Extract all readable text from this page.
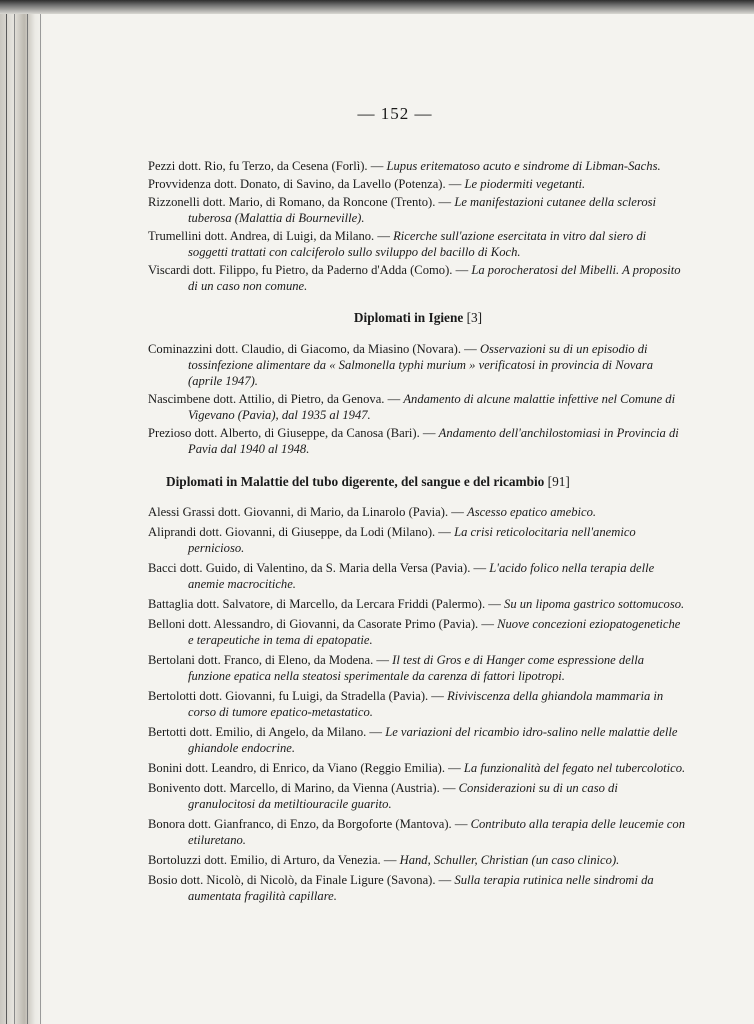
— 152 —

Pezzi dott. Rio, fu Terzo, da Cesena (Forlì). — Lupus eritematoso acuto e sindrome di Libman-Sachs.

Provvidenza dott. Donato, di Savino, da Lavello (Potenza). — Le piodermiti vegetanti.

Rizzonelli dott. Mario, di Romano, da Roncone (Trento). — Le manifestazioni cutanee della sclerosi tuberosa (Malattia di Bourneville).

Trumellini dott. Andrea, di Luigi, da Milano. — Ricerche sull'azione esercitata in vitro dal siero di soggetti trattati con calciferolo sullo sviluppo del bacillo di Koch.

Viscardi dott. Filippo, fu Pietro, da Paderno d'Adda (Como). — La porocheratosi del Mibelli. A proposito di un caso non comune.

Diplomati in Igiene [3]

Cominazzini dott. Claudio, di Giacomo, da Miasino (Novara). — Osservazioni su di un episodio di tossinfezione alimentare da « Salmonella typhi murium » verificatosi in provincia di Novara (aprile 1947).

Nascimbene dott. Attilio, di Pietro, da Genova. — Andamento di alcune malattie infettive nel Comune di Vigevano (Pavia), dal 1935 al 1947.

Prezioso dott. Alberto, di Giuseppe, da Canosa (Bari). — Andamento dell'anchilostomiasi in Provincia di Pavia dal 1940 al 1948.

Diplomati in Malattie del tubo digerente, del sangue e del ricambio [91]

Alessi Grassi dott. Giovanni, di Mario, da Linarolo (Pavia). — Ascesso epatico amebico.

Aliprandi dott. Giovanni, di Giuseppe, da Lodi (Milano). — La crisi reticolocitaria nell'anemico pernicioso.

Bacci dott. Guido, di Valentino, da S. Maria della Versa (Pavia). — L'acido folico nella terapia delle anemie macrocitiche.

Battaglia dott. Salvatore, di Marcello, da Lercara Friddi (Palermo). — Su un lipoma gastrico sottomucoso.

Belloni dott. Alessandro, di Giovanni, da Casorate Primo (Pavia). — Nuove concezioni eziopatogenetiche e terapeutiche in tema di epatopatie.

Bertolani dott. Franco, di Eleno, da Modena. — Il test di Gros e di Hanger come espressione della funzione epatica nella steatosi sperimentale da carenza di fattori lipotropi.

Bertolotti dott. Giovanni, fu Luigi, da Stradella (Pavia). — Riviviscenza della ghiandola mammaria in corso di tumore epatico-metastatico.

Bertotti dott. Emilio, di Angelo, da Milano. — Le variazioni del ricambio idro-salino nelle malattie delle ghiandole endocrine.

Bonini dott. Leandro, di Enrico, da Viano (Reggio Emilia). — La funzionalità del fegato nel tubercolotico.

Bonivento dott. Marcello, di Marino, da Vienna (Austria). — Considerazioni su di un caso di granulocitosi da metiltiouracile guarito.

Bonora dott. Gianfranco, di Enzo, da Borgoforte (Mantova). — Contributo alla terapia delle leucemie con etiluretano.

Bortoluzzi dott. Emilio, di Arturo, da Venezia. — Hand, Schuller, Christian (un caso clinico).

Bosio dott. Nicolò, di Nicolò, da Finale Ligure (Savona). — Sulla terapia rutinica nelle sindromi da aumentata fragilità capillare.
